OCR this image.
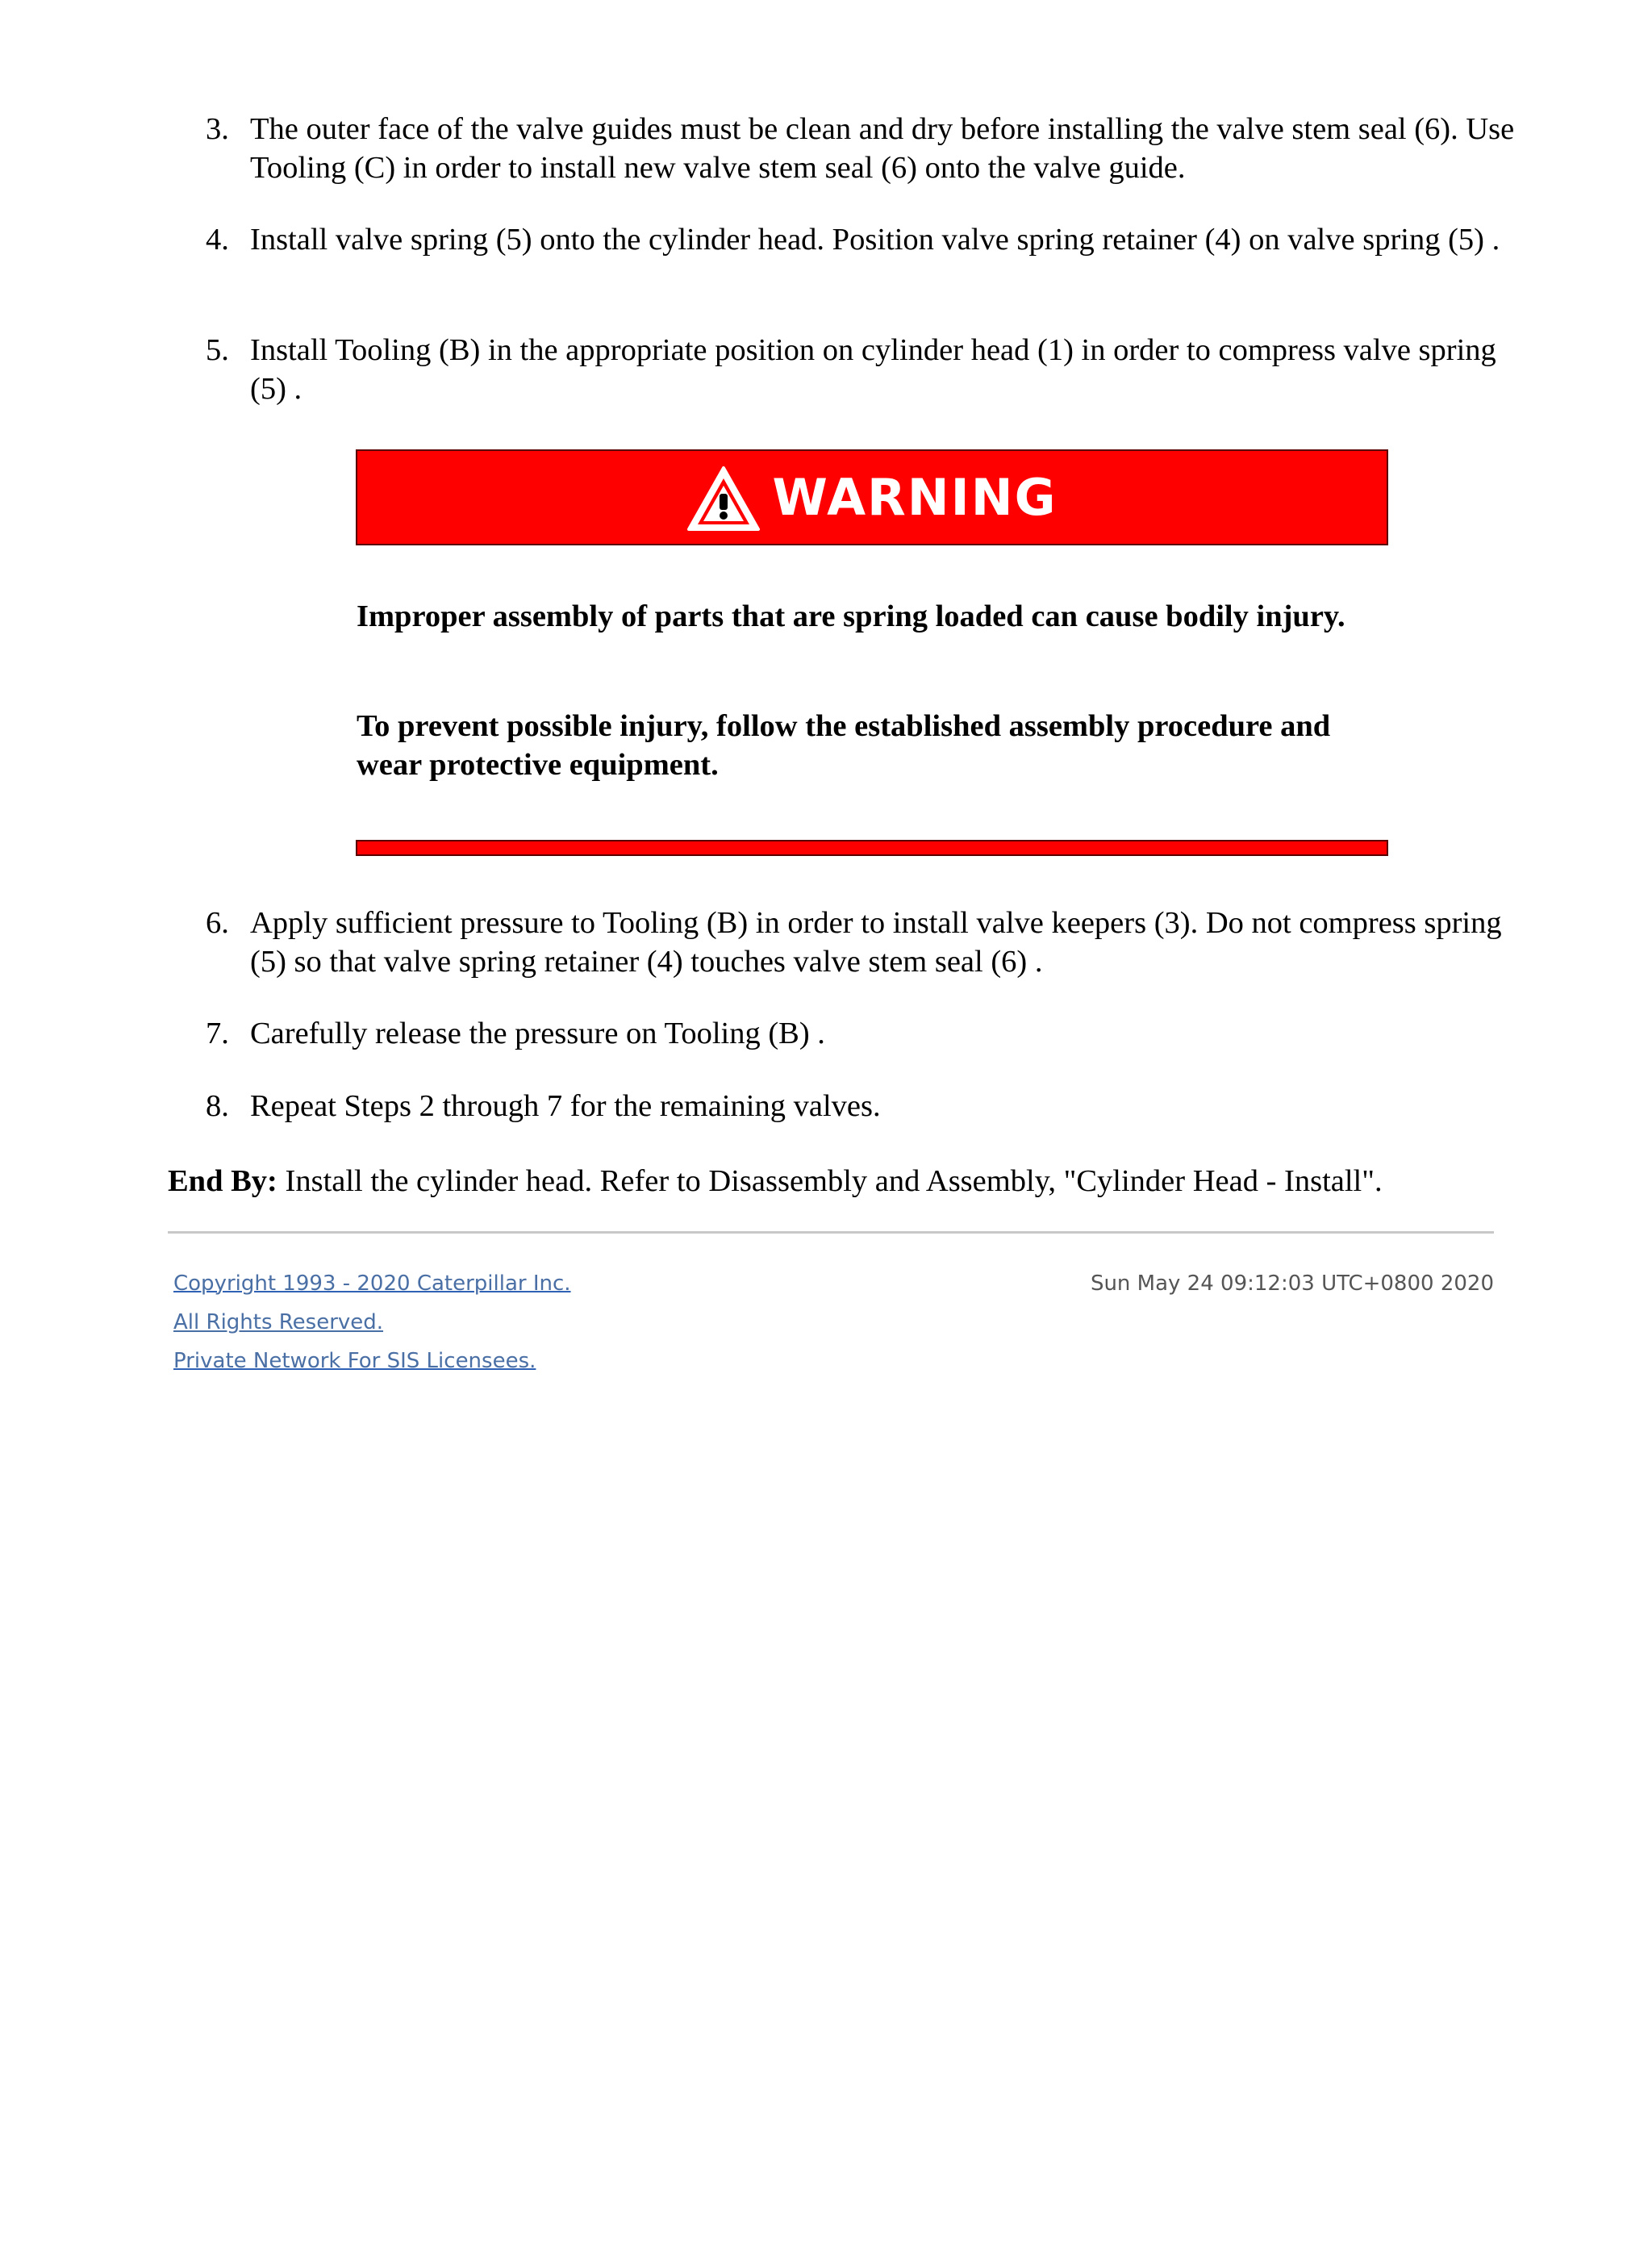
3. The outer face of the valve guides must be clean and dry before installing the valve stem seal (6). Use Tooling (C) in order to install new valve stem seal (6) onto the valve guide.
4. Install valve spring (5) onto the cylinder head. Position valve spring retainer (4) on valve spring (5) .
5. Install Tooling (B) in the appropriate position on cylinder head (1) in order to compress valve spring (5) .
WARNING
Improper assembly of parts that are spring loaded can cause bodily injury.
To prevent possible injury, follow the established assembly procedure and wear protective equipment.
6. Apply sufficient pressure to Tooling (B) in order to install valve keepers (3). Do not compress spring (5) so that valve spring retainer (4) touches valve stem seal (6) .
7. Carefully release the pressure on Tooling (B) .
8. Repeat Steps 2 through 7 for the remaining valves.
End By: Install the cylinder head. Refer to Disassembly and Assembly, "Cylinder Head - Install".
Copyright 1993 - 2020 Caterpillar Inc.
All Rights Reserved.
Private Network For SIS Licensees.
Sun May 24 09:12:03 UTC+0800 2020
